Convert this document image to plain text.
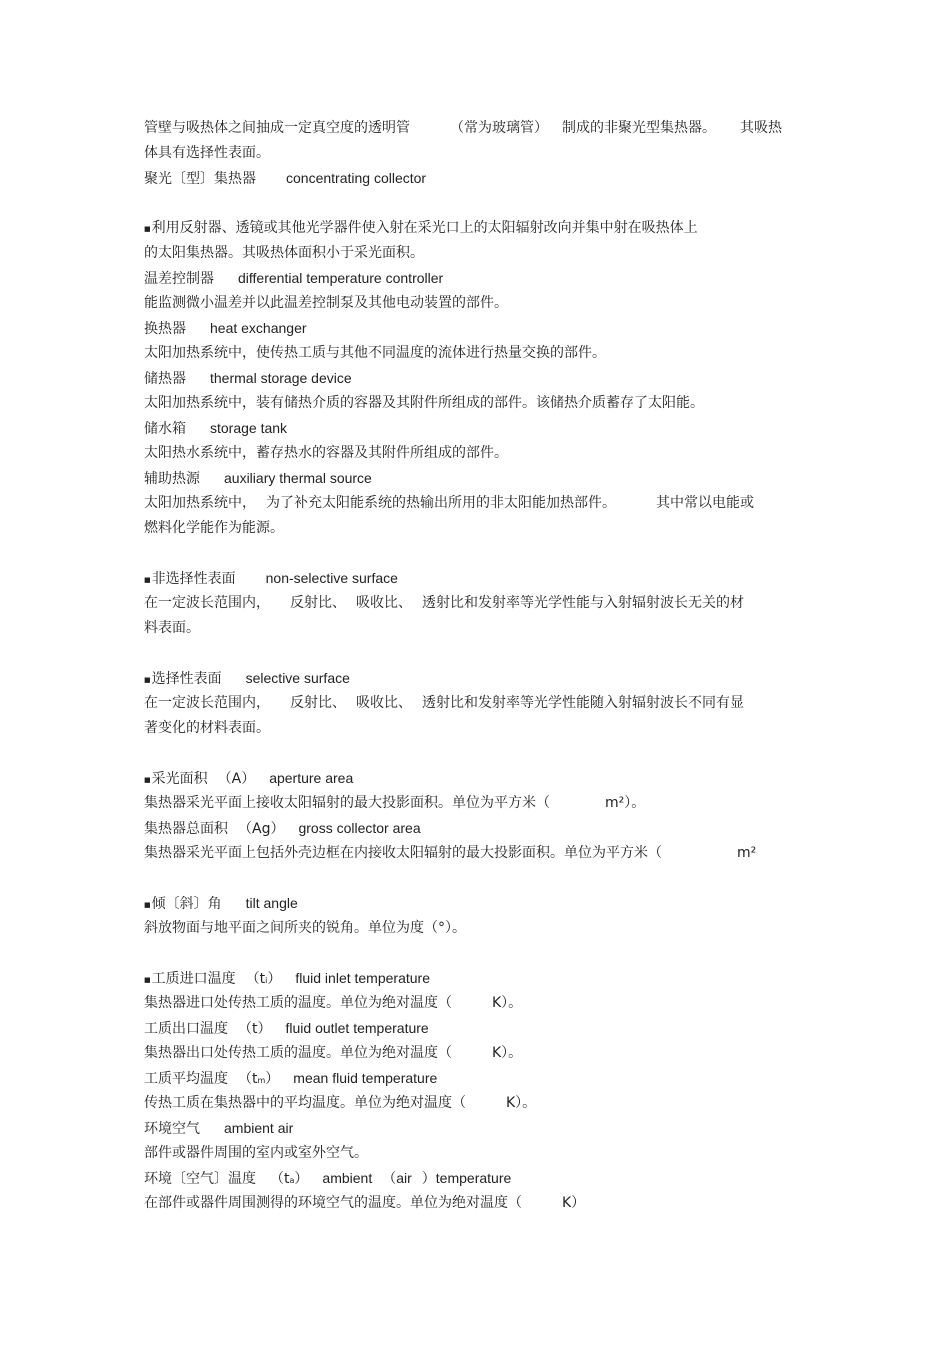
管壁与吸热体之间抽成一定真空度的透明管	（常为玻璃管） 制成的非聚光型集热器。 其吸热
体具有选择性表面。
聚光〔型〕集热器 concentrating collector
■利用反射器、透镜或其他光学器件使入射在采光口上的太阳辐射改向并集中射在吸热体上
的太阳集热器。其吸热体面积小于采光面积。
温差控制器 differential temperature controller
能监测微小温差并以此温差控制泵及其他电动装置的部件。
换热器 heat exchanger
太阳加热系统中，使传热工质与其他不同温度的流体进行热量交换的部件。
储热器 thermal storage device
太阳加热系统中，装有储热介质的容器及其附件所组成的部件。该储热介质蓄存了太阳能。
储水箱 storage tank
太阳热水系统中，蓄存热水的容器及其附件所组成的部件。
辅助热源 auxiliary thermal source
太阳加热系统中， 为了补充太阳能系统的热输出所用的非太阳能加热部件。	其中常以电能或
燃料化学能作为能源。
■非选择性表面 non-selective surface
在一定波长范围内， 反射比、 吸收比、 透射比和发射率等光学性能与入射辐射波长无关的材
料表面。
■选择性表面 selective surface
在一定波长范围内， 反射比、 吸收比、 透射比和发射率等光学性能随入射辐射波长不同有显
著变化的材料表面。
■采光面积 （A） aperture area
集热器采光平面上接收太阳辐射的最大投影面积。单位为平方米（	m²）。
集热器总面积 （Ag） gross collector area
集热器采光平面上包括外壳边框在内接收太阳辐射的最大投影面积。单位为平方米（	m²
■倾〔斜〕角 tilt angle
斜放物面与地平面之间所夹的锐角。单位为度（°）。
■工质进口温度 （ti） fluid inlet temperature
集热器进口处传热工质的温度。单位为绝对温度（	K）。
工质出口温度 （t） fluid outlet temperature
集热器出口处传热工质的温度。单位为绝对温度（	K）。
工质平均温度 （tm） mean fluid temperature
传热工质在集热器中的平均温度。单位为绝对温度（	K）。
环境空气 ambient air
部件或器件周围的室内或室外空气。
环境〔空气〕温度 （ta） ambient （air ）temperature
在部件或器件周围测得的环境空气的温度。单位为绝对温度（	K）
